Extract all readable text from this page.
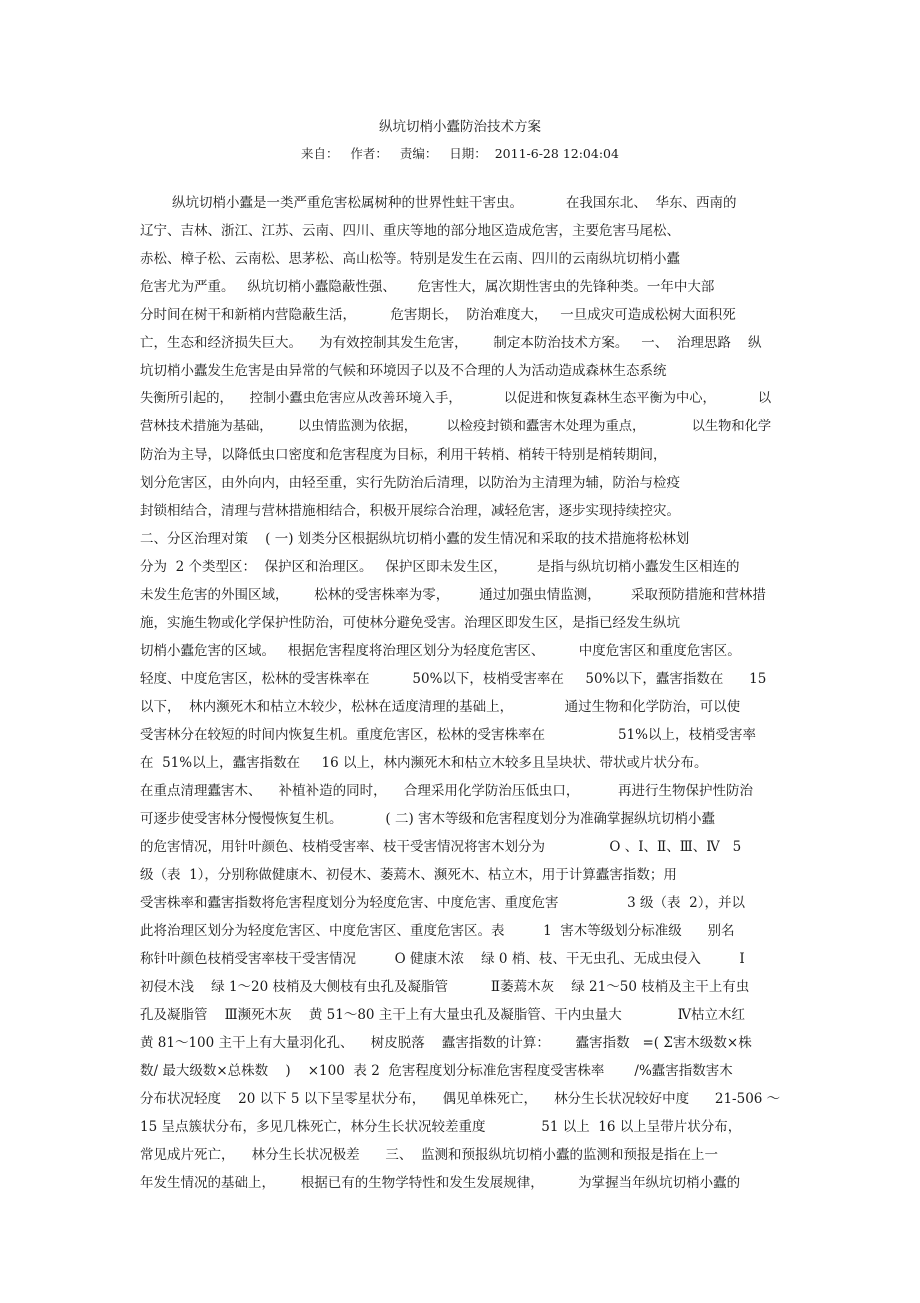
纵坑切梢小蠹防治技术方案
来自：   作者：   责编：   日期：  2011-6-28 12:04:04
纵坑切梢小蠹是一类严重危害松属树种的世界性蛀干害虫。          在我国东北、  华东、西南的
辽宁、吉林、浙江、江苏、云南、四川、重庆等地的部分地区造成危害，主要危害马尾松、
赤松、樟子松、云南松、思茅松、高山松等。特别是发生在云南、四川的云南纵坑切梢小蠹
危害尤为严重。   纵坑切梢小蠹隐蔽性强、     危害性大，属次期性害虫的先锋种类。一年中大部
分时间在树干和新梢内营隐蔽生活，        危害期长，  防治难度大，   一旦成灾可造成松树大面积死
亡，生态和经济损失巨大。    为有效控制其发生危害，      制定本防治技术方案。   一、  治理思路    纵
坑切梢小蠹发生危害是由异常的气候和环境因子以及不合理的人为活动造成森林生态系统
失衡所引起的，    控制小蠹虫危害应从改善环境入手，          以促进和恢复森林生态平衡为中心，          以
营林技术措施为基础，      以虫情监测为依据，       以检疫封锁和蠹害木处理为重点，           以生物和化学
防治为主导，以降低虫口密度和危害程度为目标，利用干转梢、梢转干特别是梢转期间，
划分危害区，由外向内，由轻至重，实行先防治后清理，以防治为主清理为辅，防治与检疫
封锁相结合，清理与营林措施相结合，积极开展综合治理，减轻危害，逐步实现持续控灾。
二、分区治理对策    ( 一) 划类分区根据纵坑切梢小蠹的发生情况和采取的技术措施将松林划
分为  2 个类型区：  保护区和治理区。   保护区即未发生区，       是指与纵坑切梢小蠹发生区相连的
未发生危害的外围区域，      松林的受害株率为零，       通过加强虫情监测，       采取预防措施和营林措
施，实施生物或化学保护性防治，可使林分避免受害。治理区即发生区，是指已经发生纵坑
切梢小蠹危害的区域。   根据危害程度将治理区划分为轻度危害区、        中度危害区和重度危害区。
轻度、中度危害区，松林的受害株率在          50%以下，枝梢受害率在     50%以下，蠹害指数在      15
以下，  林内濒死木和枯立木较少，松林在适度清理的基础上，            通过生物和化学防治，可以使
受害林分在较短的时间内恢复生机。重度危害区，松林的受害株率在                 51%以上，枝梢受害率
在  51%以上，蠹害指数在     16 以上，林内濒死木和枯立木较多且呈块状、带状或片状分布。
在重点清理蠹害木、    补植补造的同时，    合理采用化学防治压低虫口，         再进行生物保护性防治
可逐步使受害林分慢慢恢复生机。          ( 二) 害木等级和危害程度划分为准确掌握纵坑切梢小蠹
的危害情况，用针叶颜色、枝梢受害率、枝干受害情况将害木划分为               O 、Ⅰ、Ⅱ、Ⅲ、Ⅳ   5
级（表  1），分别称做健康木、初侵木、萎蔫木、濒死木、枯立木，用于计算蠹害指数；用
受害株率和蠹害指数将危害程度划分为轻度危害、中度危害、重度危害                3 级（表  2），并以
此将治理区划分为轻度危害区、中度危害区、重度危害区。表         1  害木等级划分标准级      别名
称针叶颜色枝梢受害率枝干受害情况         O 健康木浓    绿 0 梢、枝、干无虫孔、无成虫侵入         Ⅰ
初侵木浅    绿 1～20 枝梢及大侧枝有虫孔及凝脂管          Ⅱ萎蔫木灰    绿 21～50 枝梢及主干上有虫
孔及凝脂管    Ⅲ濒死木灰    黄 51～80 主干上有大量虫孔及凝脂管、干内虫量大             Ⅳ枯立木红
黄 81～100 主干上有大量羽化孔、    树皮脱落    蠹害指数的计算：      蠹害指数   =( Σ害木级数×株
数/ 最大级数×总株数    )    ×100  表 2  危害程度划分标准危害程度受害株率       /%蠹害指数害木
分布状况轻度    20 以下 5 以下呈零星状分布，    偶见单株死亡，    林分生长状况较好中度      21-506 ～
15 呈点簇状分布，多见几株死亡，林分生长状况较差重度             51 以上  16 以上呈带片状分布，
常见成片死亡，    林分生长状况极差      三、  监测和预报纵坑切梢小蠹的监测和预报是指在上一
年发生情况的基础上，      根据已有的生物学特性和发生发展规律，        为掌握当年纵坑切梢小蠹的
